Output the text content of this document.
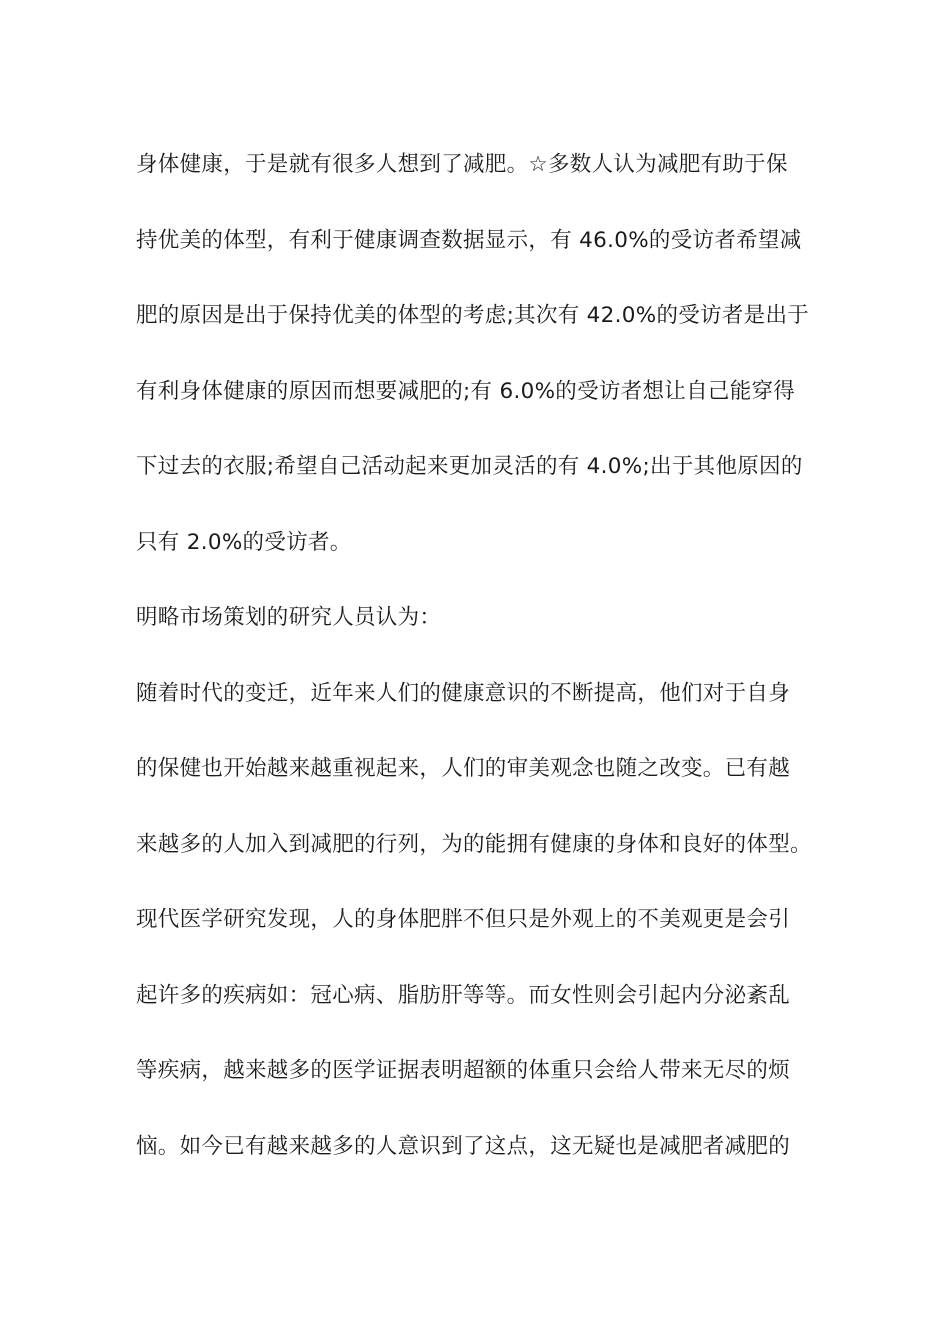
身体健康，于是就有很多人想到了减肥。☆多数人认为减肥有助于保
持优美的体型，有利于健康调查数据显示，有 46.0%的受访者希望减
肥的原因是出于保持优美的体型的考虑;其次有 42.0%的受访者是出于
有利身体健康的原因而想要减肥的;有 6.0%的受访者想让自己能穿得
下过去的衣服;希望自己活动起来更加灵活的有 4.0%;出于其他原因的
只有 2.0%的受访者。
明略市场策划的研究人员认为：
随着时代的变迁，近年来人们的健康意识的不断提高，他们对于自身
的保健也开始越来越重视起来，人们的审美观念也随之改变。已有越
来越多的人加入到减肥的行列，为的能拥有健康的身体和良好的体型。
现代医学研究发现，人的身体肥胖不但只是外观上的不美观更是会引
起许多的疾病如：冠心病、脂肪肝等等。而女性则会引起内分泌紊乱
等疾病，越来越多的医学证据表明超额的体重只会给人带来无尽的烦
恼。如今已有越来越多的人意识到了这点，这无疑也是减肥者减肥的
